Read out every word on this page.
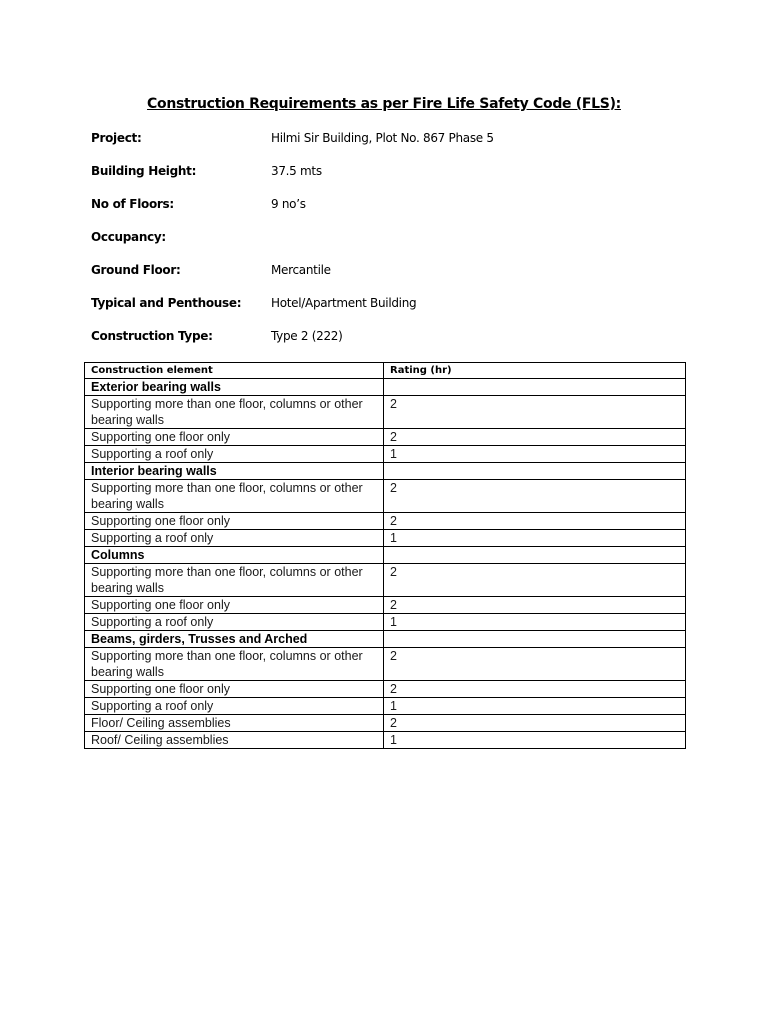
Construction Requirements as per Fire Life Safety Code (FLS):
Project:	Hilmi Sir Building, Plot No. 867 Phase 5
Building Height:	37.5 mts
No of Floors:	9 no’s
Occupancy:
Ground Floor:	Mercantile
Typical and Penthouse:	Hotel/Apartment Building
Construction Type:	Type 2 (222)
Construction element	Rating (hr)
Exterior bearing walls	
Supporting more than one floor, columns or other bearing walls	2
Supporting one floor only	2
Supporting a roof only	1
Interior bearing walls	
Supporting more than one floor, columns or other bearing walls	2
Supporting one floor only	2
Supporting a roof only	1
Columns	
Supporting more than one floor, columns or other bearing walls	2
Supporting one floor only	2
Supporting a roof only	1
Beams, girders, Trusses and Arched	
Supporting more than one floor, columns or other bearing walls	2
Supporting one floor only	2
Supporting a roof only	1
Floor/ Ceiling assemblies	2
Roof/ Ceiling assemblies	1
